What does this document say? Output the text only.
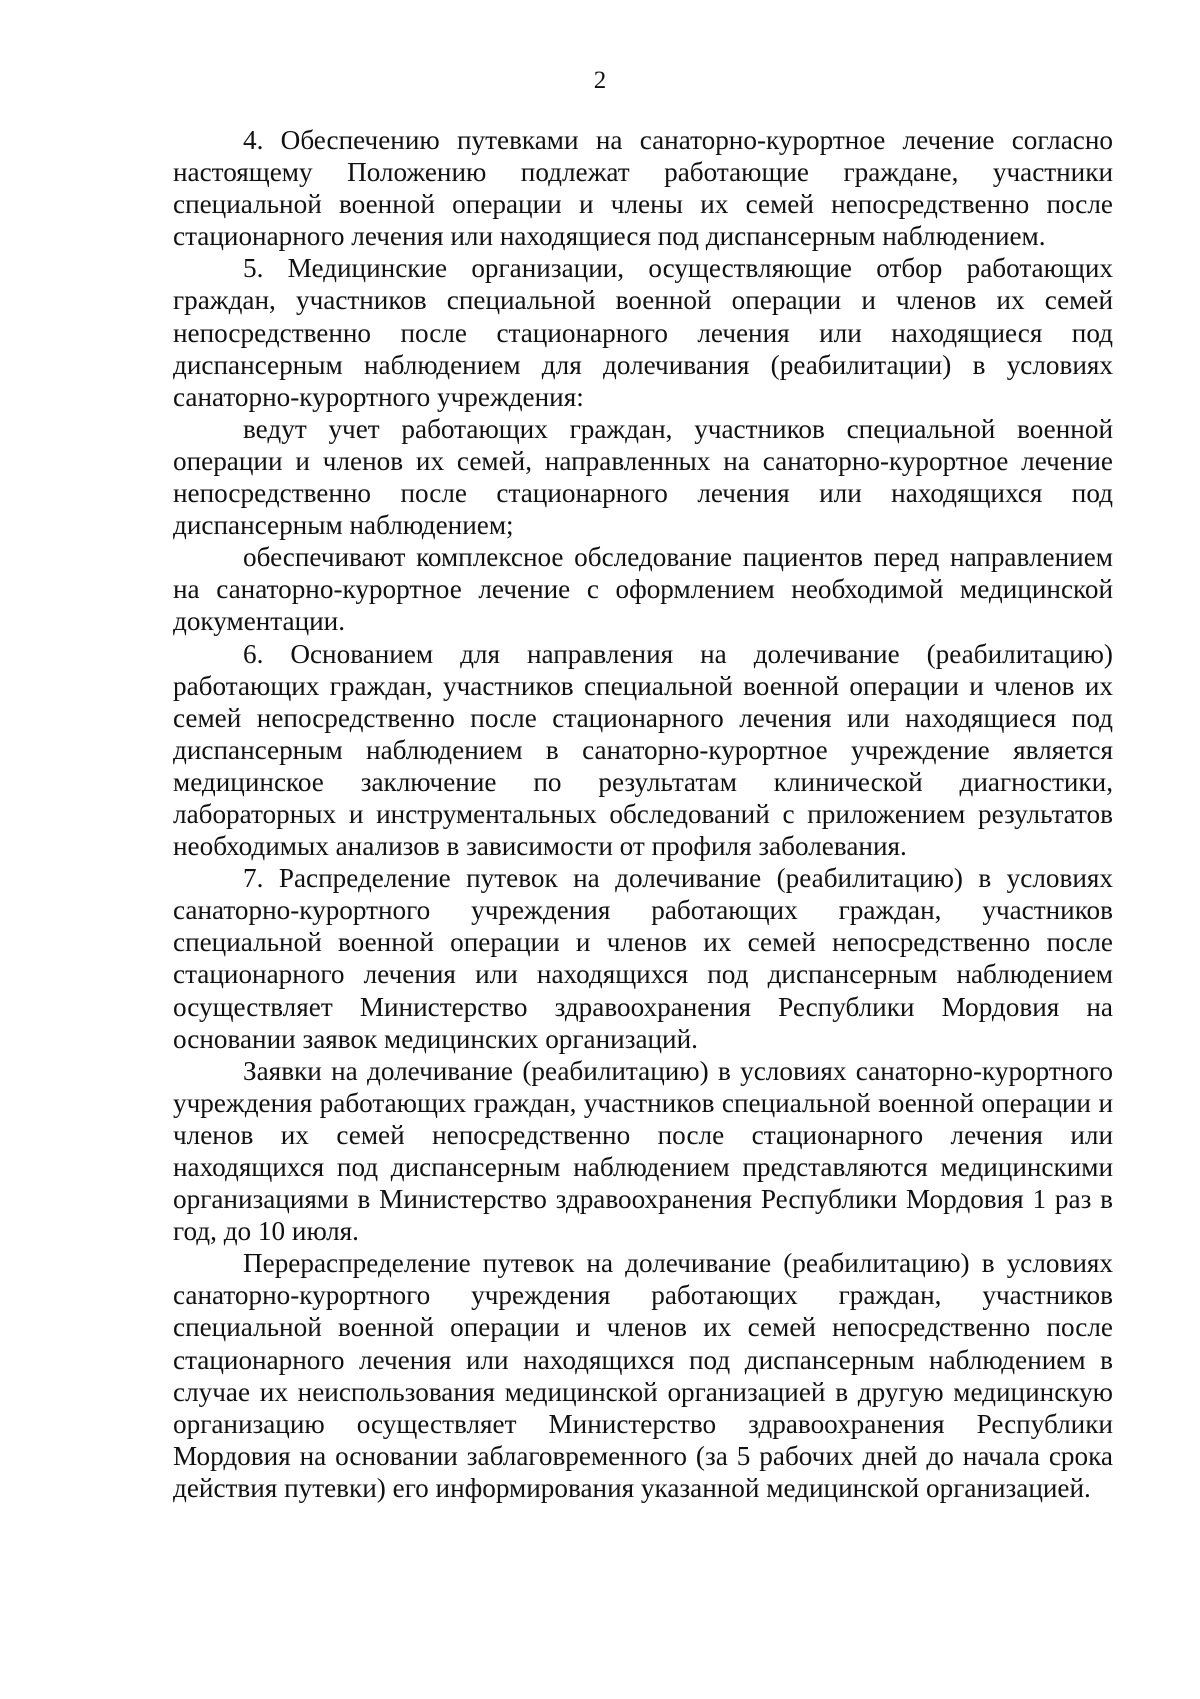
2

4. Обеспечению путевками на санаторно-курортное лечение согласно настоящему Положению подлежат работающие граждане, участники специальной военной операции и члены их семей непосредственно после стационарного лечения или находящиеся под диспансерным наблюдением.

5. Медицинские организации, осуществляющие отбор работающих граждан, участников специальной военной операции и членов их семей непосредственно после стационарного лечения или находящиеся под диспансерным наблюдением для долечивания (реабилитации) в условиях санаторно-курортного учреждения:

ведут учет работающих граждан, участников специальной военной операции и членов их семей, направленных на санаторно-курортное лечение непосредственно после стационарного лечения или находящихся под диспансерным наблюдением;

обеспечивают комплексное обследование пациентов перед направлением на санаторно-курортное лечение с оформлением необходимой медицинской документации.

6. Основанием для направления на долечивание (реабилитацию) работающих граждан, участников специальной военной операции и членов их семей непосредственно после стационарного лечения или находящиеся под диспансерным наблюдением в санаторно-курортное учреждение является медицинское заключение по результатам клинической диагностики, лабораторных и инструментальных обследований с приложением результатов необходимых анализов в зависимости от профиля заболевания.

7. Распределение путевок на долечивание (реабилитацию) в условиях санаторно-курортного учреждения работающих граждан, участников специальной военной операции и членов их семей непосредственно после стационарного лечения или находящихся под диспансерным наблюдением осуществляет Министерство здравоохранения Республики Мордовия на основании заявок медицинских организаций.

Заявки на долечивание (реабилитацию) в условиях санаторно-курортного учреждения работающих граждан, участников специальной военной операции и членов их семей непосредственно после стационарного лечения или находящихся под диспансерным наблюдением представляются медицинскими организациями в Министерство здравоохранения Республики Мордовия 1 раз в год, до 10 июля.

Перераспределение путевок на долечивание (реабилитацию) в условиях санаторно-курортного учреждения работающих граждан, участников специальной военной операции и членов их семей непосредственно после стационарного лечения или находящихся под диспансерным наблюдением в случае их неиспользования медицинской организацией в другую медицинскую организацию осуществляет Министерство здравоохранения Республики Мордовия на основании заблаговременного (за 5 рабочих дней до начала срока действия путевки) его информирования указанной медицинской организацией.
